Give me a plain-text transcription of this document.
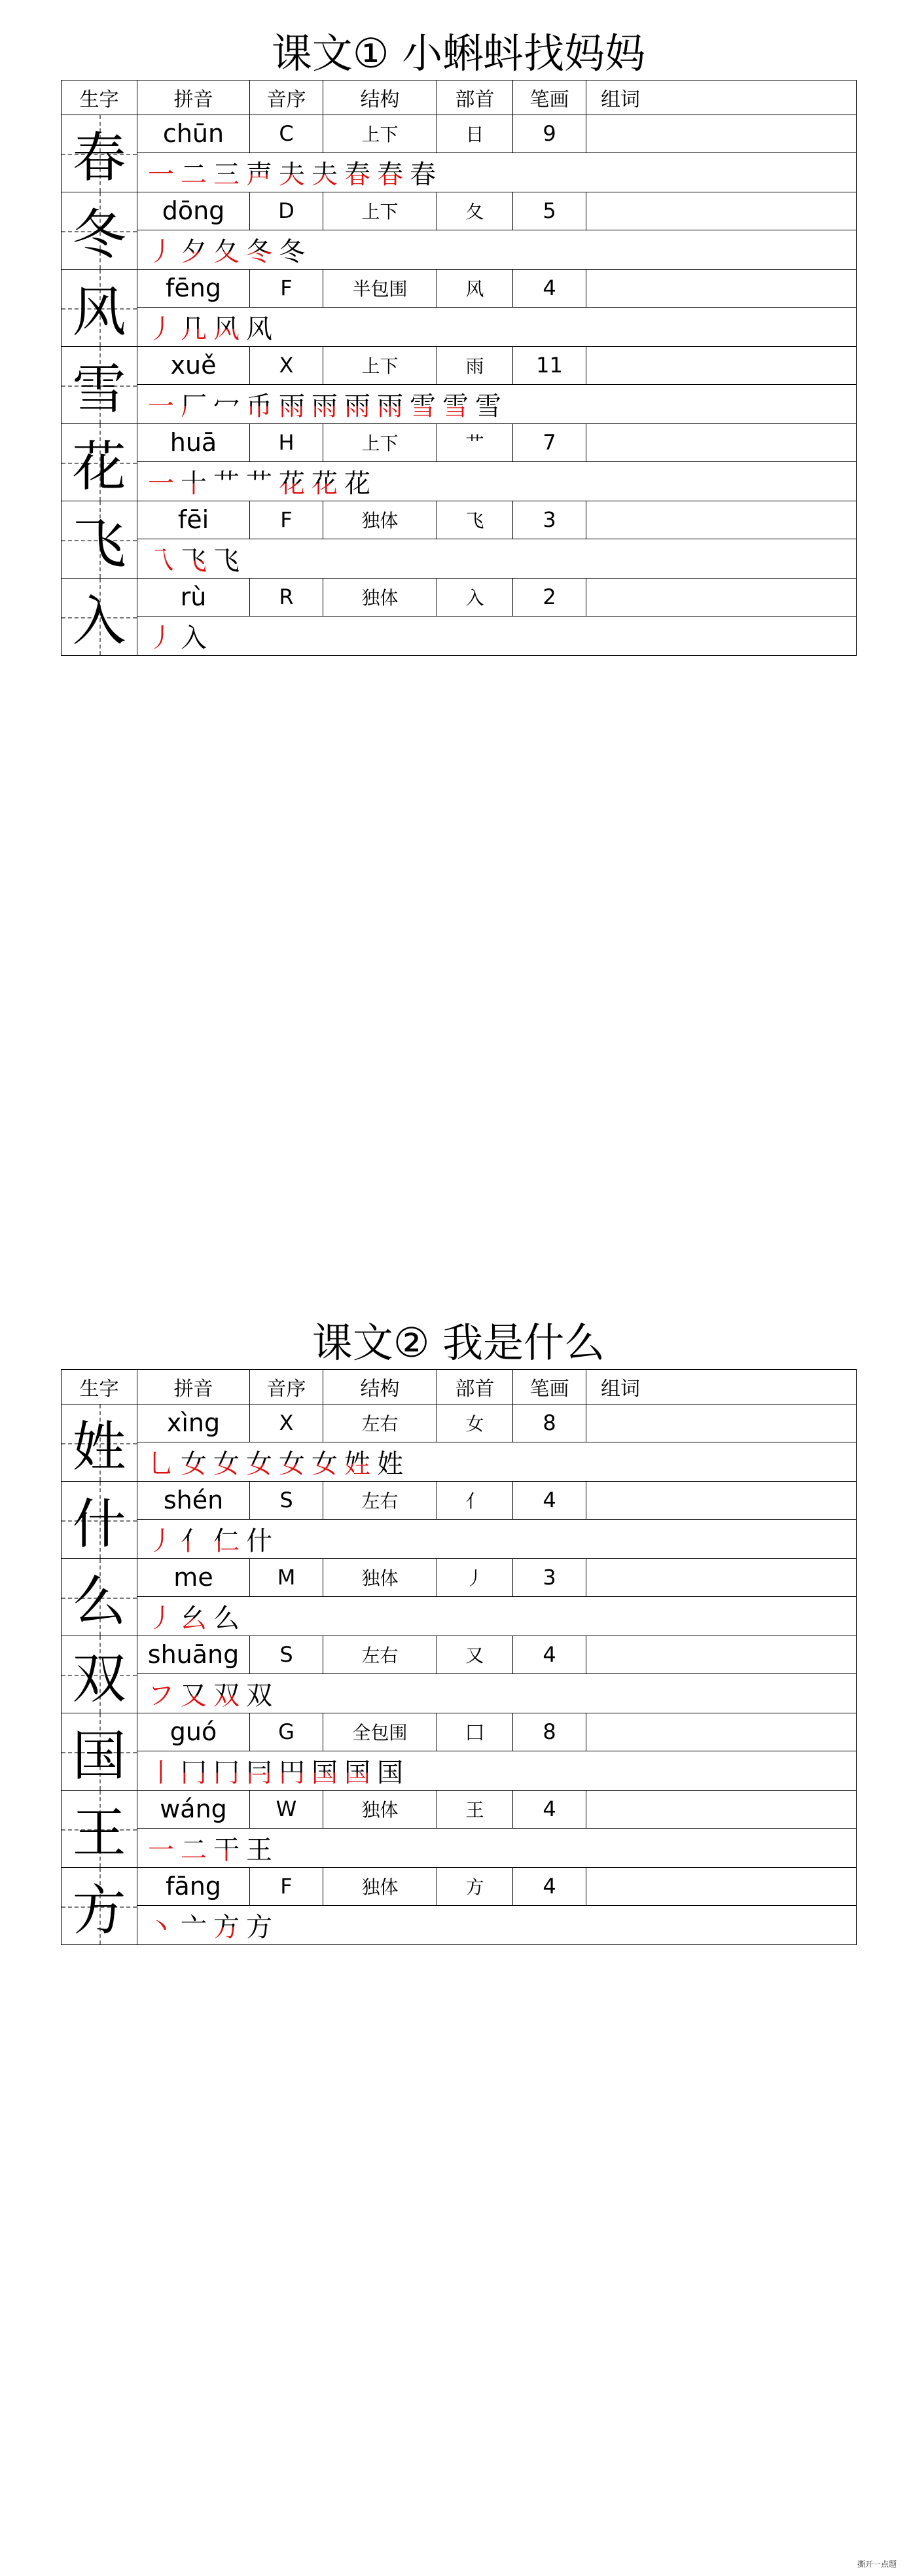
课文① 小蝌蚪找妈妈
生字	拼音	音序	结构	部首	笔画	组词
春	chūn	C	上下	日	9	
	一 二 三 声 夫 夫 春 春 春					
冬	dōng	D	上下	夂	5	
	丿 夕 夂 冬 冬					
风	fēng	F	半包围	风	4	
	丿 几 风 风					
雪	xuě	X	上下	雨	11	
	一 厂 冖 币 雨 雨 雨 雨 雪 雪 雪					
花	huā	H	上下	艹	7	
	一 十 艹 艹 花 花 花					
飞	fēi	F	独体	飞	3	
	乁 飞 飞					
入	rù	R	独体	入	2	
	丿 入					
课文② 我是什么
生字	拼音	音序	结构	部首	笔画	组词
姓	xìng	X	左右	女	8	
	乚 女 女 女 女 女 姓 姓					
什	shén	S	左右	亻	4	
	丿 亻 仁 什					
么	me	M	独体	丿	3	
	丿 幺 么					
双	shuāng	S	左右	又	4	
	フ 又 双 双					
国	guó	G	全包围	囗	8	
	丨 冂 冂 冃 円 国 国 国					
王	wáng	W	独体	王	4	
	一 二 干 王					
方	fāng	F	独体	方	4	
	丶 亠 方 方					
撕开一点题
